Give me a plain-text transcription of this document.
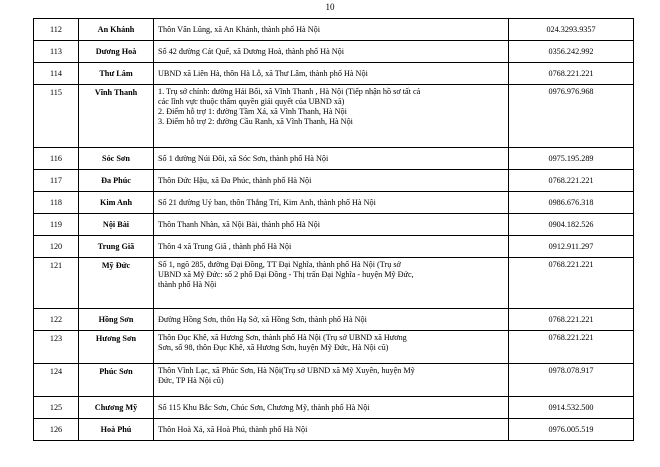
10
112	An Khánh	Thôn Vân Lũng, xã An Khánh, thành phố Hà Nội	024.3293.9357
113	Dương Hoà	Số 42 đường Cát Quế, xã Dương Hoà, thành phố Hà Nội	0356.242.992
114	Thư Lâm	UBND xã Liên Hà, thôn Hà Lỗ, xã Thư Lâm, thành phố Hà Nội	0768.221.221
115	Vĩnh Thanh	1. Trụ sở chính: đường Hải Bối, xã Vĩnh Thanh , Hà Nội (Tiếp nhận hồ sơ tất cả
các lĩnh vực thuộc thẩm quyền giải quyết của UBND xã)
2. Điểm hỗ trợ 1: đường Tầm Xá, xã Vĩnh Thanh, Hà Nội
3. Điểm hỗ trợ 2: đường Cầu Ranh, xã Vĩnh Thanh, Hà Nội	0976.976.968
116	Sóc Sơn	Số 1 đường Núi Đôi, xã Sóc Sơn, thành phố Hà Nội	0975.195.289
117	Đa Phúc	Thôn Đức Hậu, xã Đa Phúc, thành phố Hà Nội	0768.221.221
118	Kim Anh	Số 21 đường Uỷ ban, thôn Thắng Trí, Kim Anh, thành phố Hà Nội	0986.676.318
119	Nội Bài	Thôn Thanh Nhàn, xã Nội Bài, thành phố Hà Nội	0904.182.526
120	Trung Giã	Thôn 4 xã Trung Giã , thành phố Hà Nội	0912.911.297
121	Mỹ Đức	Số 1, ngõ 285, đường Đại Đồng, TT Đại Nghĩa, thành phố Hà Nội (Trụ sở
UBND xã Mỹ Đức: số 2 phố Đại Đồng - Thị trấn Đại Nghĩa - huyện Mỹ Đức,
thành phố Hà Nội	0768.221.221
122	Hồng Sơn	Đường Hồng Sơn, thôn Hạ Sở, xã Hồng Sơn, thành phố Hà Nội	0768.221.221
123	Hương Sơn	Thôn Đục Khê, xã Hương Sơn, thành phố Hà Nội (Trụ sở UBND xã Hương
Sơn, số 98, thôn Đục Khê, xã Hương Sơn, huyện Mỹ Đức, Hà Nội cũ)	0768.221.221
124	Phúc Sơn	Thôn Vĩnh Lạc, xã Phúc Sơn, Hà Nội(Trụ sở UBND xã Mỹ Xuyên, huyện Mỹ
Đức, TP Hà Nội cũ)	0978.078.917
125	Chương Mỹ	Số 115 Khu Bắc Sơn, Chúc Sơn, Chương Mỹ, thành phố Hà Nội	0914.532.500
126	Hoà Phú	Thôn Hoà Xá, xã Hoà Phú, thành phố Hà Nội	0976.005.519
